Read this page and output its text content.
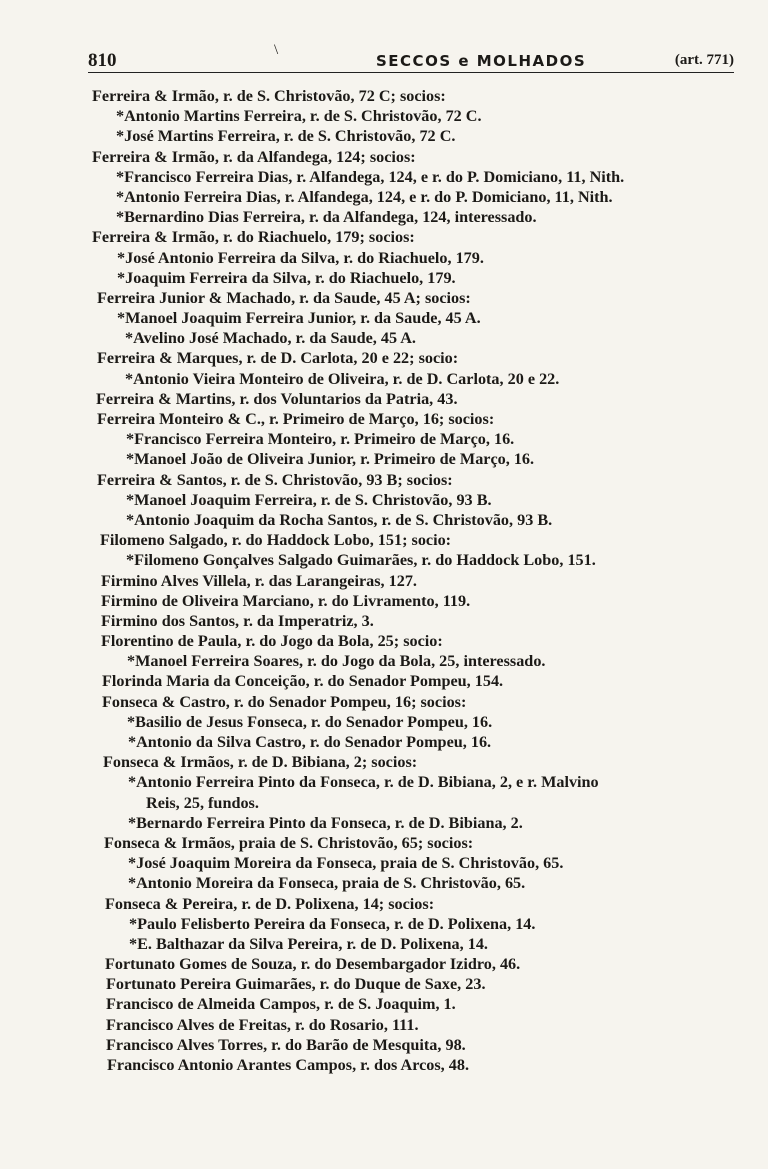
810	\
SECCOS e MOLHADOS	(art. 771)
Ferreira & Irmão, r. de S. Christovão, 72 C; socios:
*Antonio Martins Ferreira, r. de S. Christovão, 72 C.
*José Martins Ferreira, r. de S. Christovão, 72 C.
Ferreira & Irmão, r. da Alfandega, 124; socios:
*Francisco Ferreira Dias, r. Alfandega, 124, e r. do P. Domiciano, 11, Nith.
*Antonio Ferreira Dias, r. Alfandega, 124, e r. do P. Domiciano, 11, Nith.
*Bernardino Dias Ferreira, r. da Alfandega, 124, interessado.
Ferreira & Irmão, r. do Riachuelo, 179; socios:
*José Antonio Ferreira da Silva, r. do Riachuelo, 179.
*Joaquim Ferreira da Silva, r. do Riachuelo, 179.
Ferreira Junior & Machado, r. da Saude, 45 A; socios:
*Manoel Joaquim Ferreira Junior, r. da Saude, 45 A.
*Avelino José Machado, r. da Saude, 45 A.
Ferreira & Marques, r. de D. Carlota, 20 e 22; socio:
*Antonio Vieira Monteiro de Oliveira, r. de D. Carlota, 20 e 22.
Ferreira & Martins, r. dos Voluntarios da Patria, 43.
Ferreira Monteiro & C., r. Primeiro de Março, 16; socios:
*Francisco Ferreira Monteiro, r. Primeiro de Março, 16.
*Manoel João de Oliveira Junior, r. Primeiro de Março, 16.
Ferreira & Santos, r. de S. Christovão, 93 B; socios:
*Manoel Joaquim Ferreira, r. de S. Christovão, 93 B.
*Antonio Joaquim da Rocha Santos, r. de S. Christovão, 93 B.
Filomeno Salgado, r. do Haddock Lobo, 151; socio:
*Filomeno Gonçalves Salgado Guimarães, r. do Haddock Lobo, 151.
Firmino Alves Villela, r. das Larangeiras, 127.
Firmino de Oliveira Marciano, r. do Livramento, 119.
Firmino dos Santos, r. da Imperatriz, 3.
Florentino de Paula, r. do Jogo da Bola, 25; socio:
*Manoel Ferreira Soares, r. do Jogo da Bola, 25, interessado.
Florinda Maria da Conceição, r. do Senador Pompeu, 154.
Fonseca & Castro, r. do Senador Pompeu, 16; socios:
*Basilio de Jesus Fonseca, r. do Senador Pompeu, 16.
*Antonio da Silva Castro, r. do Senador Pompeu, 16.
Fonseca & Irmãos, r. de D. Bibiana, 2; socios:
*Antonio Ferreira Pinto da Fonseca, r. de D. Bibiana, 2, e r. Malvino
Reis, 25, fundos.
*Bernardo Ferreira Pinto da Fonseca, r. de D. Bibiana, 2.
Fonseca & Irmãos, praia de S. Christovão, 65; socios:
*José Joaquim Moreira da Fonseca, praia de S. Christovão, 65.
*Antonio Moreira da Fonseca, praia de S. Christovão, 65.
Fonseca & Pereira, r. de D. Polixena, 14; socios:
*Paulo Felisberto Pereira da Fonseca, r. de D. Polixena, 14.
*E. Balthazar da Silva Pereira, r. de D. Polixena, 14.
Fortunato Gomes de Souza, r. do Desembargador Izidro, 46.
Fortunato Pereira Guimarães, r. do Duque de Saxe, 23.
Francisco de Almeida Campos, r. de S. Joaquim, 1.
Francisco Alves de Freitas, r. do Rosario, 111.
Francisco Alves Torres, r. do Barão de Mesquita, 98.
Francisco Antonio Arantes Campos, r. dos Arcos, 48.
